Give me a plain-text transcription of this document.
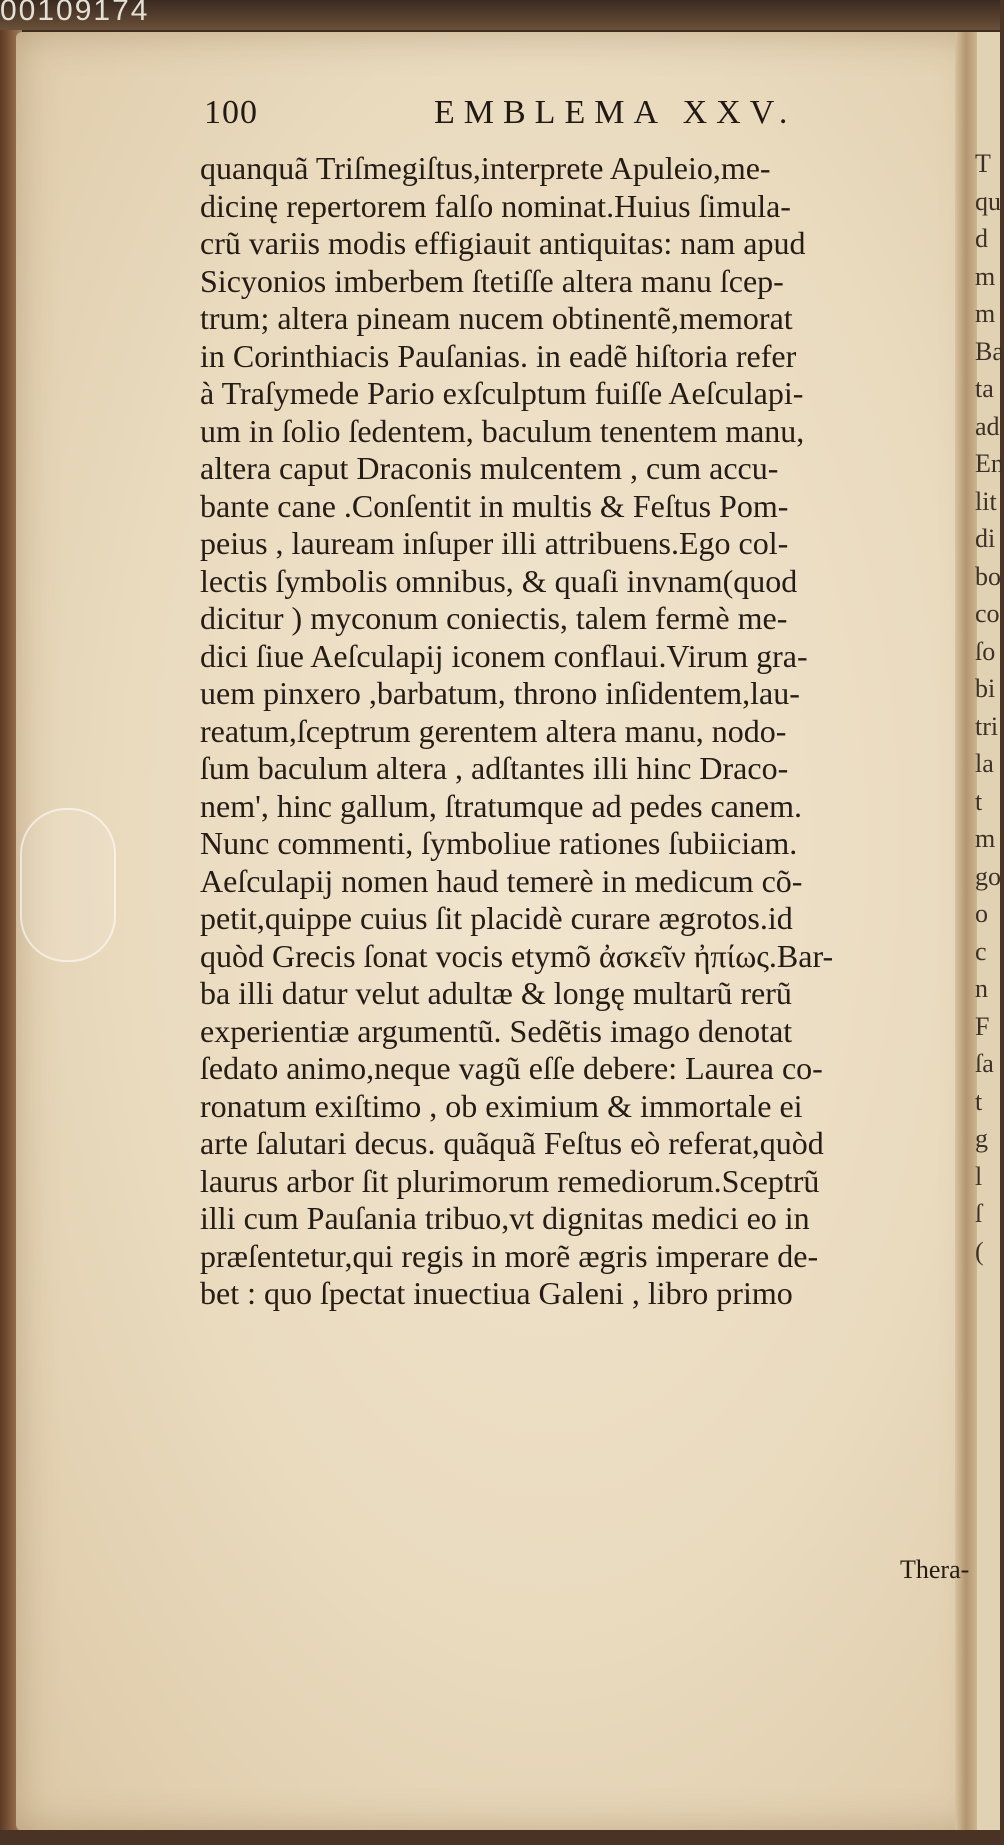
00109174
T
qu
d
m
m
Ba
ta
ad
En
lit
di
bo
co
ſo
bi
tri
la
t
m
go
o
c
n
F
ſa
t
g
l
ſ
(

100	EMBLEMA XXV.
quanquã Triſmegiſtus,interprete Apuleio,me-
dicinę repertorem falſo nominat.Huius ſimula-
crũ variis modis effigiauit antiquitas: nam apud
Sicyonios imberbem ſtetiſſe altera manu ſcep-
trum; altera pineam nucem obtinentẽ,memorat
in Corinthiacis Pauſanias. in eadẽ hiſtoria refer
à Traſymede Pario exſculptum fuiſſe Aeſculapi-
um in ſolio ſedentem, baculum tenentem manu,
altera caput Draconis mulcentem , cum accu-
bante cane .Conſentit in multis & Feſtus Pom-
peius , lauream inſuper illi attribuens.Ego col-
lectis ſymbolis omnibus, & quaſi invnam(quod
dicitur ) myconum coniectis, talem fermè me-
dici ſiue Aeſculapij iconem conflaui.Virum gra-
uem pinxero ,barbatum, throno inſidentem,lau-
reatum,ſceptrum gerentem altera manu, nodo-
ſum baculum altera , adſtantes illi hinc Draco-
nem', hinc gallum, ſtratumque ad pedes canem.
Nunc commenti, ſymboliue rationes ſubiiciam.
Aeſculapij nomen haud temerè in medicum cõ-
petit,quippe cuius ſit placidè curare ægrotos.id
quòd Grecis ſonat vocis etymõ ἀσκεῖν ἠπίως.Bar-
ba illi datur velut adultæ & longę multarũ rerũ
experientiæ argumentũ. Sedẽtis imago denotat
ſedato animo,neque vagũ eſſe debere: Laurea co-
ronatum exiſtimo , ob eximium & immortale ei
arte ſalutari decus. quãquã Feſtus eò referat,quòd
laurus arbor ſit plurimorum remediorum.Sceptrũ
illi cum Pauſania tribuo,vt dignitas medici eo in
præſentetur,qui regis in morẽ ægris imperare de-
bet : quo ſpectat inuectiua Galeni , libro primo
Thera-
